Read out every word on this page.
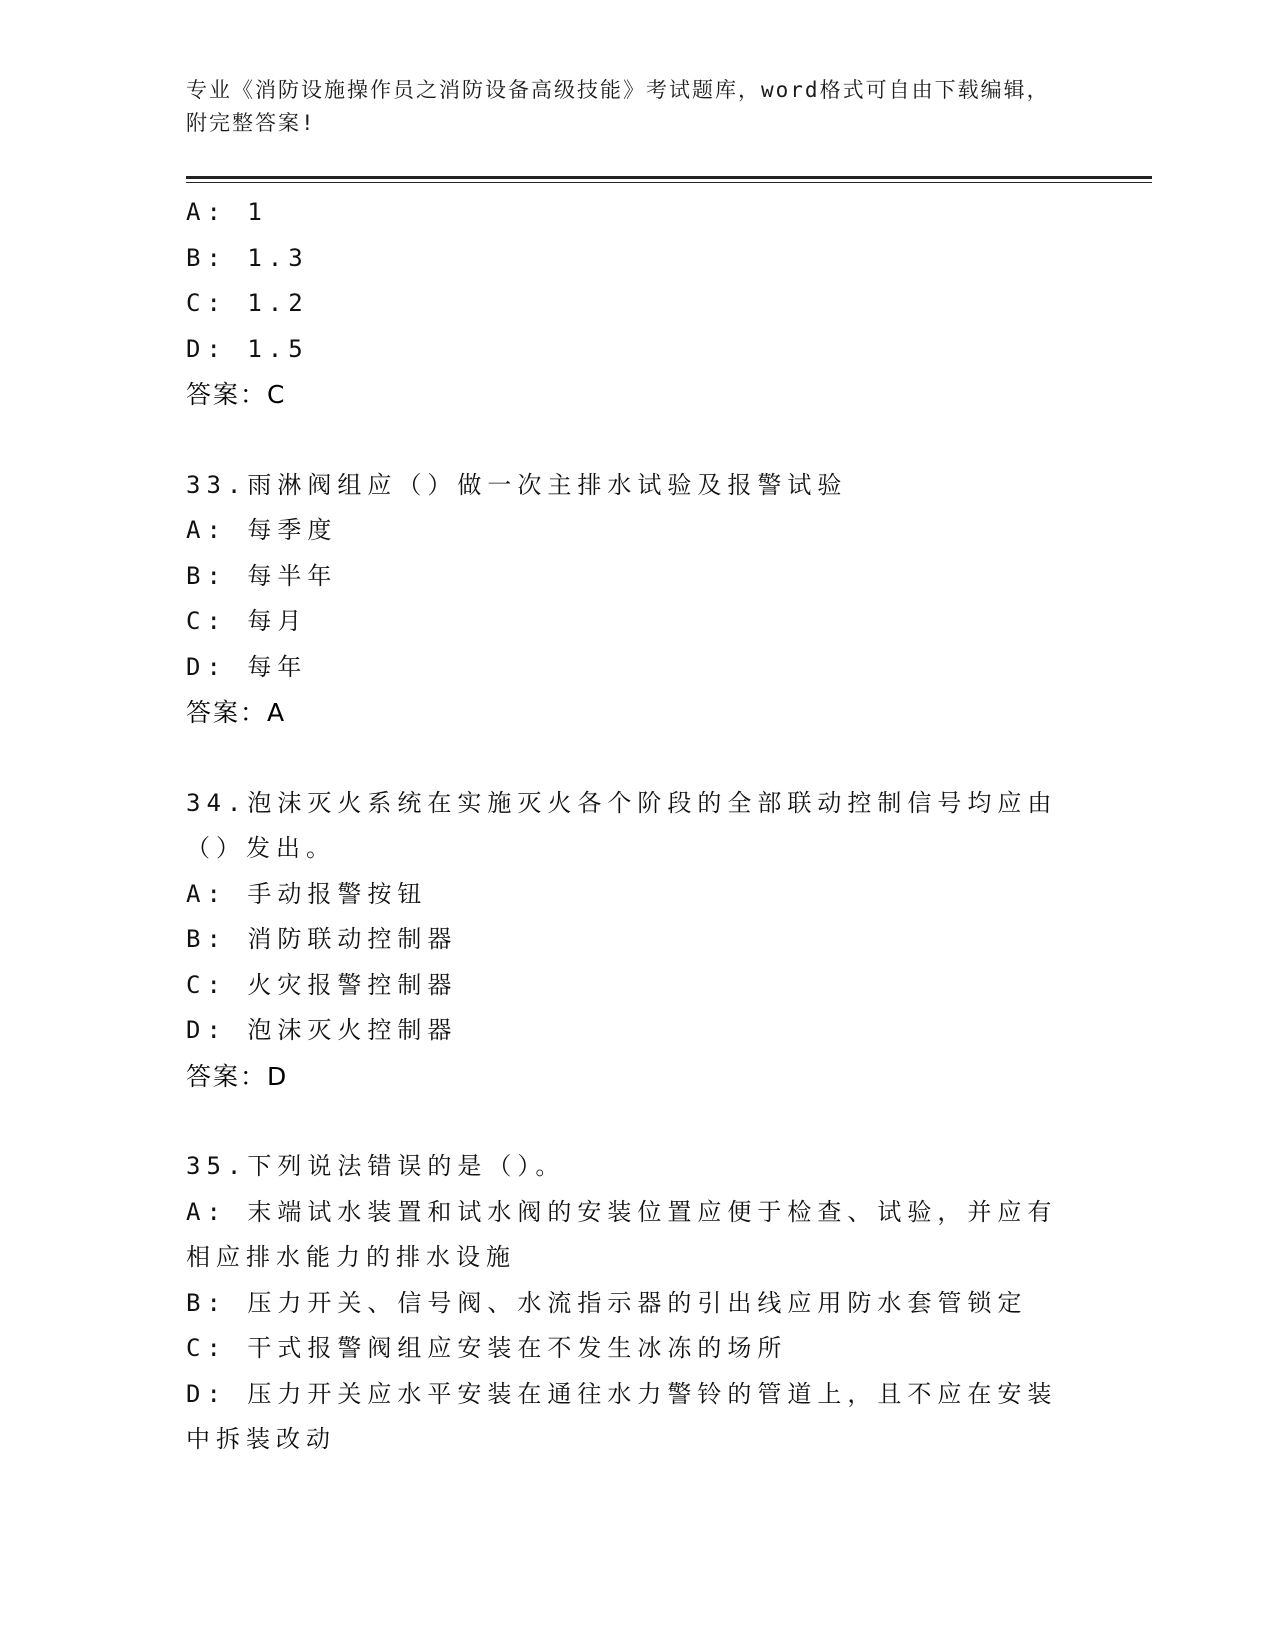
专业《消防设施操作员之消防设备高级技能》考试题库，word格式可自由下载编辑，附完整答案!

A: 1

B: 1.3

C: 1.2

D: 1.5

答案：C

33.雨淋阀组应（）做一次主排水试验及报警试验

A: 每季度

B: 每半年

C: 每月

D: 每年

答案：A

34.泡沫灭火系统在实施灭火各个阶段的全部联动控制信号均应由（）发出。

A: 手动报警按钮

B: 消防联动控制器

C: 火灾报警控制器

D: 泡沫灭火控制器

答案：D

35.下列说法错误的是（）。

A: 末端试水装置和试水阀的安装位置应便于检查、试验，并应有相应排水能力的排水设施

B: 压力开关、信号阀、水流指示器的引出线应用防水套管锁定

C: 干式报警阀组应安装在不发生冰冻的场所

D: 压力开关应水平安装在通往水力警铃的管道上，且不应在安装中拆装改动
